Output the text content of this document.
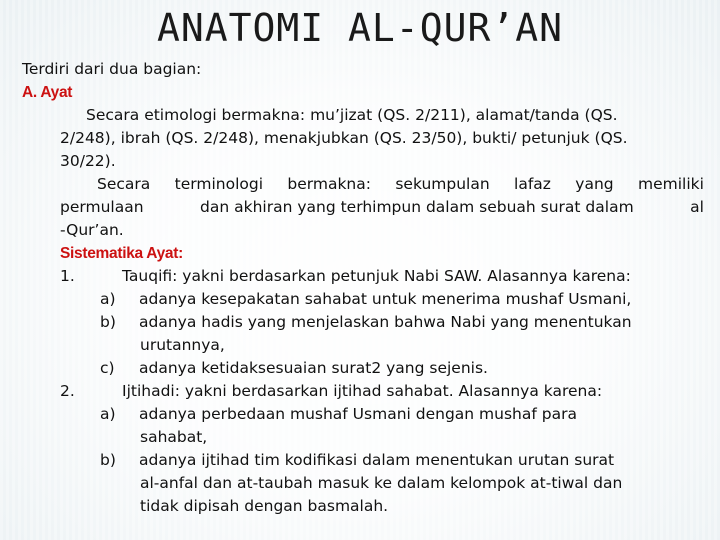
ANATOMI AL-QUR’AN
Terdiri dari dua bagian:
A. Ayat
Secara etimologi bermakna: mu’jizat (QS. 2/211), alamat/tanda (QS.
2/248), ibrah (QS. 2/248), menakjubkan (QS. 23/50), bukti/ petunjuk (QS.
30/22).
Secara terminologi bermakna: sekumpulan lafaz yang memiliki
permulaan	dan akhiran yang terhimpun dalam sebuah surat dalam	al
-Qur’an.
Sistematika Ayat:
1.	Tauqifi: yakni berdasarkan petunjuk Nabi SAW. Alasannya karena:
a)	adanya kesepakatan sahabat untuk menerima mushaf Usmani,
b)	adanya hadis yang menjelaskan bahwa Nabi yang menentukan
urutannya,
c)	adanya ketidaksesuaian surat2 yang sejenis.
2.	Ijtihadi: yakni berdasarkan ijtihad sahabat. Alasannya karena:
a)	adanya perbedaan mushaf Usmani dengan mushaf para
sahabat,
b)	adanya ijtihad tim kodifikasi dalam menentukan urutan surat
al-anfal dan at-taubah masuk ke dalam kelompok at-tiwal dan
tidak dipisah dengan basmalah.
